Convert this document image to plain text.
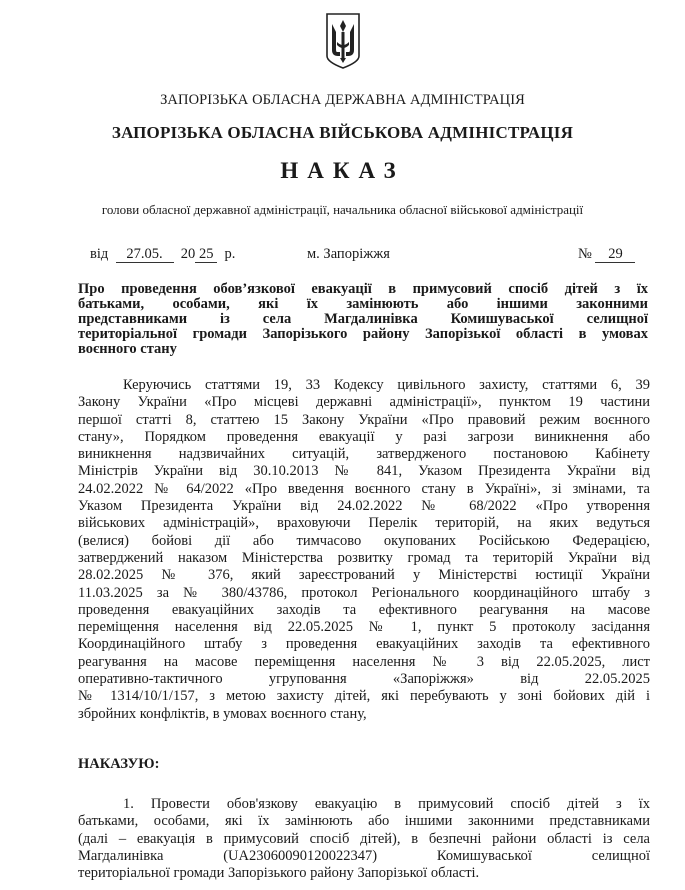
ЗАПОРІЗЬКА ОБЛАСНА ДЕРЖАВНА АДМІНІСТРАЦІЯ
ЗАПОРІЗЬКА ОБЛАСНА ВІЙСЬКОВА АДМІНІСТРАЦІЯ
НАКАЗ
голови обласної державної адміністрації, начальника обласної військової адміністрації
від 27.05. 20 25 р.	м. Запоріжжя	№ 29
Про проведення обов’язкової евакуації в примусовий спосіб дітей з їх
батьками, особами, які їх замінюють або іншими законними
представниками із села Магдалинівка Комишуваської селищної
територіальної громади Запорізького району Запорізької області в умовах
воєнного стану
Керуючись статтями 19, 33 Кодексу цивільного захисту, статтями 6, 39
Закону України «Про місцеві державні адміністрації», пунктом 19 частини
першої статті 8, статтею 15 Закону України «Про правовий режим воєнного
стану», Порядком проведення евакуації у разі загрози виникнення або
виникнення надзвичайних ситуацій, затвердженого постановою Кабінету
Міністрів України від 30.10.2013 № 841, Указом Президента України від
24.02.2022 № 64/2022 «Про введення воєнного стану в Україні», зі змінами, та
Указом Президента України від 24.02.2022 № 68/2022 «Про утворення
військових адміністрацій», враховуючи Перелік територій, на яких ведуться
(велися) бойові дії або тимчасово окупованих Російською Федерацією,
затверджений наказом Міністерства розвитку громад та територій України від
28.02.2025 № 376, який зареєстрований у Міністерстві юстиції України
11.03.2025 за № 380/43786, протокол Регіонального координаційного штабу з
проведення евакуаційних заходів та ефективного реагування на масове
переміщення населення від 22.05.2025 № 1, пункт 5 протоколу засідання
Координаційного штабу з проведення евакуаційних заходів та ефективного
реагування на масове переміщення населення № 3 від 22.05.2025, лист
оперативно-тактичного угруповання «Запоріжжя» від 22.05.2025
№ 1314/10/1/157, з метою захисту дітей, які перебувають у зоні бойових дій і
збройних конфліктів, в умовах воєнного стану,
НАКАЗУЮ:
1. Провести обов'язкову евакуацію в примусовий спосіб дітей з їх
батьками, особами, які їх замінюють або іншими законними представниками
(далі – евакуація в примусовий спосіб дітей), в безпечні райони області із села
Магдалинівка (UA23060090120022347) Комишуваської селищної
територіальної громади Запорізького району Запорізької області.
